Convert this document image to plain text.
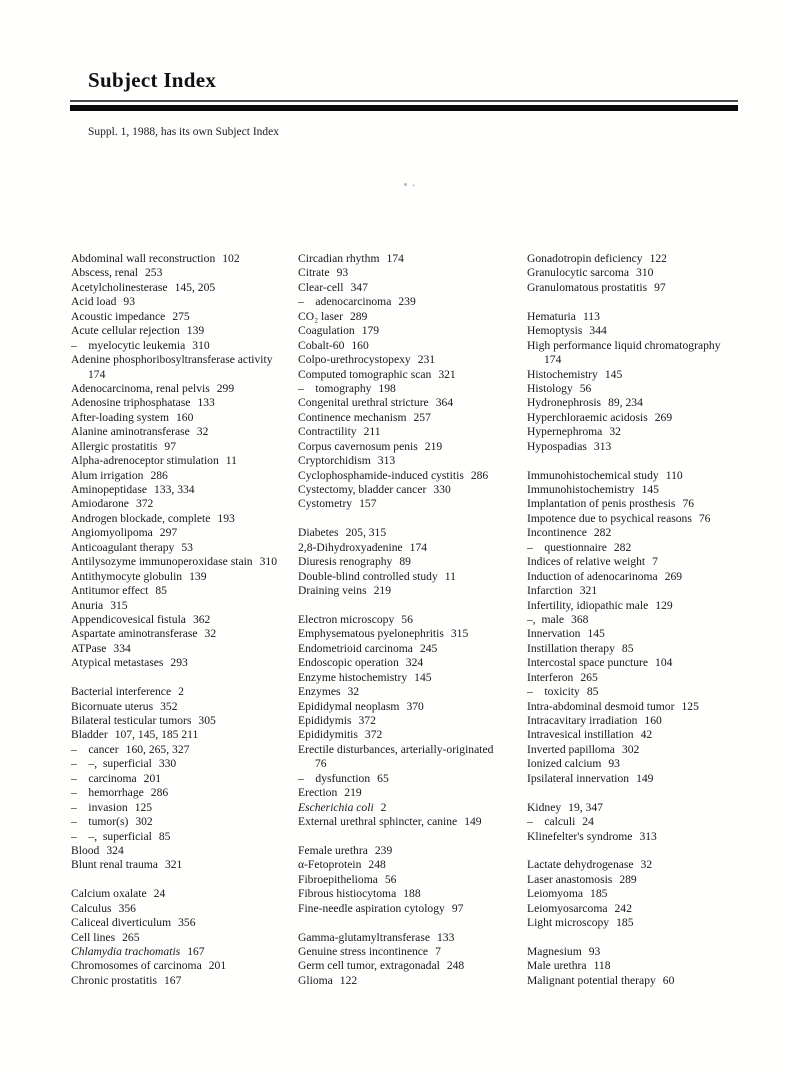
Subject Index

Suppl. 1, 1988, has its own Subject Index

Abdominal wall reconstruction 102
Abscess, renal 253
Acetylcholinesterase 145, 205
Acid load 93
Acoustic impedance 275
Acute cellular rejection 139
– myelocytic leukemia 310
Adenine phosphoribosyltransferase activity
174
Adenocarcinoma, renal pelvis 299
Adenosine triphosphatase 133
After-loading system 160
Alanine aminotransferase 32
Allergic prostatitis 97
Alpha-adrenoceptor stimulation 11
Alum irrigation 286
Aminopeptidase 133, 334
Amiodarone 372
Androgen blockade, complete 193
Angiomyolipoma 297
Anticoagulant therapy 53
Antilysozyme immunoperoxidase stain 310
Antithymocyte globulin 139
Antitumor effect 85
Anuria 315
Appendicovesical fistula 362
Aspartate aminotransferase 32
ATPase 334
Atypical metastases 293
Bacterial interference 2
Bicornuate uterus 352
Bilateral testicular tumors 305
Bladder 107, 145, 185 211
– cancer 160, 265, 327
– –, superficial 330
– carcinoma 201
– hemorrhage 286
– invasion 125
– tumor(s) 302
– –, superficial 85
Blood 324
Blunt renal trauma 321
Calcium oxalate 24
Calculus 356
Caliceal diverticulum 356
Cell lines 265
Chlamydia trachomatis 167
Chromosomes of carcinoma 201
Chronic prostatitis 167
Circadian rhythm 174
Citrate 93
Clear-cell 347
– adenocarcinoma 239
CO₂ laser 289
Coagulation 179
Cobalt-60 160
Colpo-urethrocystopexy 231
Computed tomographic scan 321
– tomography 198
Congenital urethral stricture 364
Continence mechanism 257
Contractility 211
Corpus cavernosum penis 219
Cryptorchidism 313
Cyclophosphamide-induced cystitis 286
Cystectomy, bladder cancer 330
Cystometry 157
Diabetes 205, 315
2,8-Dihydroxyadenine 174
Diuresis renography 89
Double-blind controlled study 11
Draining veins 219
Electron microscopy 56
Emphysematous pyelonephritis 315
Endometrioid carcinoma 245
Endoscopic operation 324
Enzyme histochemistry 145
Enzymes 32
Epididymal neoplasm 370
Epididymis 372
Epididymitis 372
Erectile disturbances, arterially-originated
76
– dysfunction 65
Erection 219
Escherichia coli 2
External urethral sphincter, canine 149
Female urethra 239
α-Fetoprotein 248
Fibroepithelioma 56
Fibrous histiocytoma 188
Fine-needle aspiration cytology 97
Gamma-glutamyltransferase 133
Genuine stress incontinence 7
Germ cell tumor, extragonadal 248
Glioma 122
Gonadotropin deficiency 122
Granulocytic sarcoma 310
Granulomatous prostatitis 97
Hematuria 113
Hemoptysis 344
High performance liquid chromatography
174
Histochemistry 145
Histology 56
Hydronephrosis 89, 234
Hyperchloraemic acidosis 269
Hypernephroma 32
Hypospadias 313
Immunohistochemical study 110
Immunohistochemistry 145
Implantation of penis prosthesis 76
Impotence due to psychical reasons 76
Incontinence 282
– questionnaire 282
Indices of relative weight 7
Induction of adenocarinoma 269
Infarction 321
Infertility, idiopathic male 129
–, male 368
Innervation 145
Instillation therapy 85
Intercostal space puncture 104
Interferon 265
– toxicity 85
Intra-abdominal desmoid tumor 125
Intracavitary irradiation 160
Intravesical instillation 42
Inverted papilloma 302
Ionized calcium 93
Ipsilateral innervation 149
Kidney 19, 347
– calculi 24
Klinefelter's syndrome 313
Lactate dehydrogenase 32
Laser anastomosis 289
Leiomyoma 185
Leiomyosarcoma 242
Light microscopy 185
Magnesium 93
Male urethra 118
Malignant potential therapy 60
